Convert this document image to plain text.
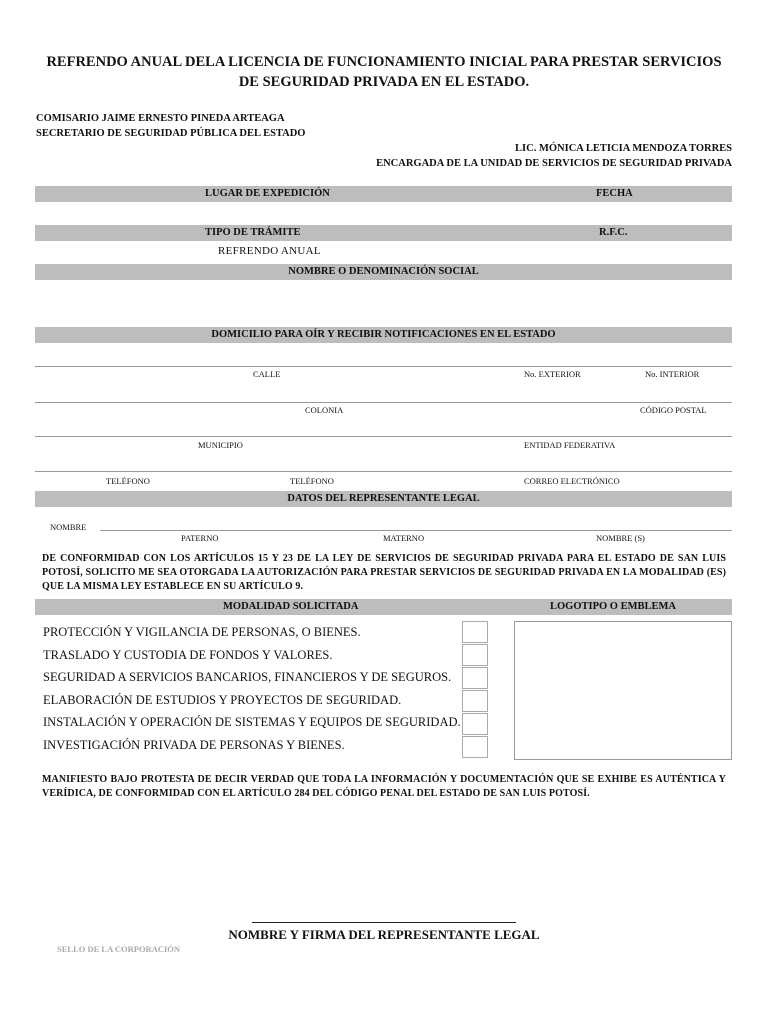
REFRENDO ANUAL DELA LICENCIA DE FUNCIONAMIENTO INICIAL PARA PRESTAR SERVICIOS DE SEGURIDAD PRIVADA EN EL ESTADO.
COMISARIO JAIME ERNESTO PINEDA ARTEAGA
SECRETARIO DE SEGURIDAD PÚBLICA DEL ESTADO
LIC. MÓNICA LETICIA MENDOZA TORRES
ENCARGADA DE LA UNIDAD DE SERVICIOS DE SEGURIDAD PRIVADA
LUGAR DE EXPEDICIÓN	FECHA
TIPO DE TRÁMITE	R.F.C.
REFRENDO ANUAL
NOMBRE O DENOMINACIÓN SOCIAL
DOMICILIO PARA OÍR Y RECIBIR NOTIFICACIONES EN EL ESTADO
CALLE	No. EXTERIOR	No. INTERIOR
COLONIA	CÓDIGO POSTAL
MUNICIPIO	ENTIDAD FEDERATIVA
TELÉFONO	TELÉFONO	CORREO ELECTRÓNICO
DATOS DEL REPRESENTANTE LEGAL
NOMBRE
PATERNO	MATERNO	NOMBRE (S)
DE CONFORMIDAD CON LOS ARTÍCULOS 15 Y 23 DE LA LEY DE SERVICIOS DE SEGURIDAD PRIVADA PARA EL ESTADO DE SAN LUIS POTOSÍ, SOLICITO ME SEA OTORGADA LA AUTORIZACIÓN PARA PRESTAR SERVICIOS DE SEGURIDAD PRIVADA EN LA MODALIDAD (ES) QUE LA MISMA LEY ESTABLECE EN SU ARTÍCULO 9.
MODALIDAD SOLICITADA	LOGOTIPO O EMBLEMA
PROTECCIÓN Y VIGILANCIA DE PERSONAS, O BIENES.
TRASLADO Y CUSTODIA DE FONDOS Y VALORES.
SEGURIDAD A SERVICIOS BANCARIOS, FINANCIEROS Y DE SEGUROS.
ELABORACIÓN DE ESTUDIOS Y PROYECTOS DE SEGURIDAD.
INSTALACIÓN Y OPERACIÓN DE SISTEMAS Y EQUIPOS DE SEGURIDAD.
INVESTIGACIÓN PRIVADA DE PERSONAS Y BIENES.
MANIFIESTO BAJO PROTESTA DE DECIR VERDAD QUE TODA LA INFORMACIÓN Y DOCUMENTACIÓN QUE SE EXHIBE ES AUTÉNTICA Y VERÍDICA, DE CONFORMIDAD CON EL ARTÍCULO 284 DEL CÓDIGO PENAL DEL ESTADO DE SAN LUIS POTOSÍ.
NOMBRE Y FIRMA DEL REPRESENTANTE LEGAL
SELLO DE LA CORPORACIÓN
